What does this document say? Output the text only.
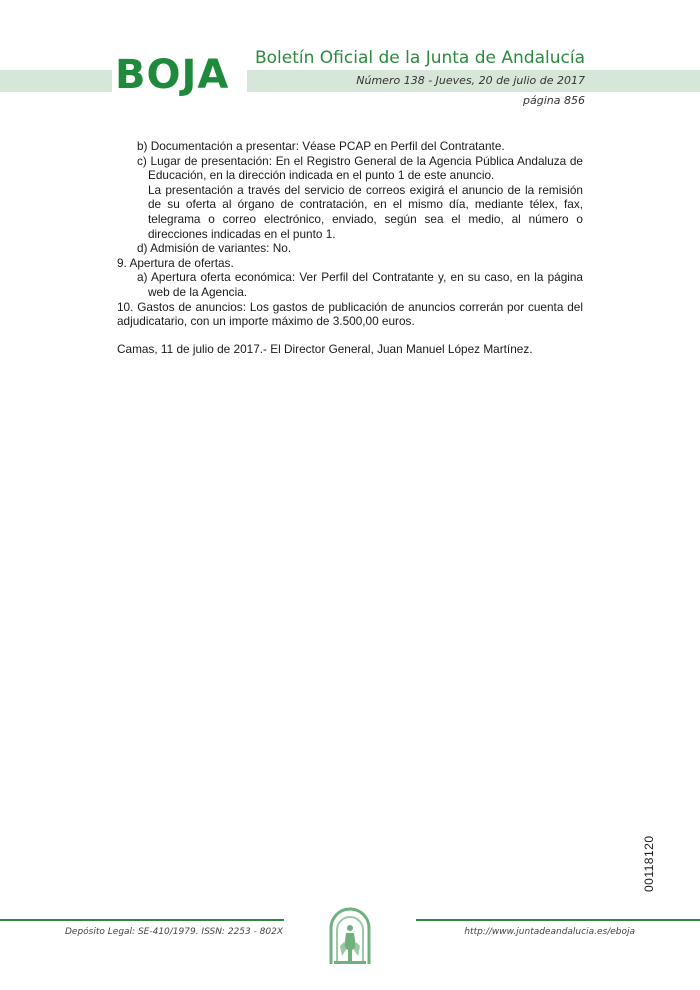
BOJA Boletín Oficial de la Junta de Andalucía
Número 138 - Jueves, 20 de julio de 2017
página 856

b) Documentación a presentar: Véase PCAP en Perfil del Contratante.

c) Lugar de presentación: En el Registro General de la Agencia Pública Andaluza de Educación, en la dirección indicada en el punto 1 de este anuncio.

La presentación a través del servicio de correos exigirá el anuncio de la remisión de su oferta al órgano de contratación, en el mismo día, mediante télex, fax, telegrama o correo electrónico, enviado, según sea el medio, al número o direcciones indicadas en el punto 1.

d) Admisión de variantes: No.

9. Apertura de ofertas.

a) Apertura oferta económica: Ver Perfil del Contratante y, en su caso, en la página web de la Agencia.

10. Gastos de anuncios: Los gastos de publicación de anuncios correrán por cuenta del adjudicatario, con un importe máximo de 3.500,00 euros.

Camas, 11 de julio de 2017.- El Director General, Juan Manuel López Martínez.

00118120
Depósito Legal: SE-410/1979. ISSN: 2253 - 802X	http://www.juntadeandalucia.es/eboja
